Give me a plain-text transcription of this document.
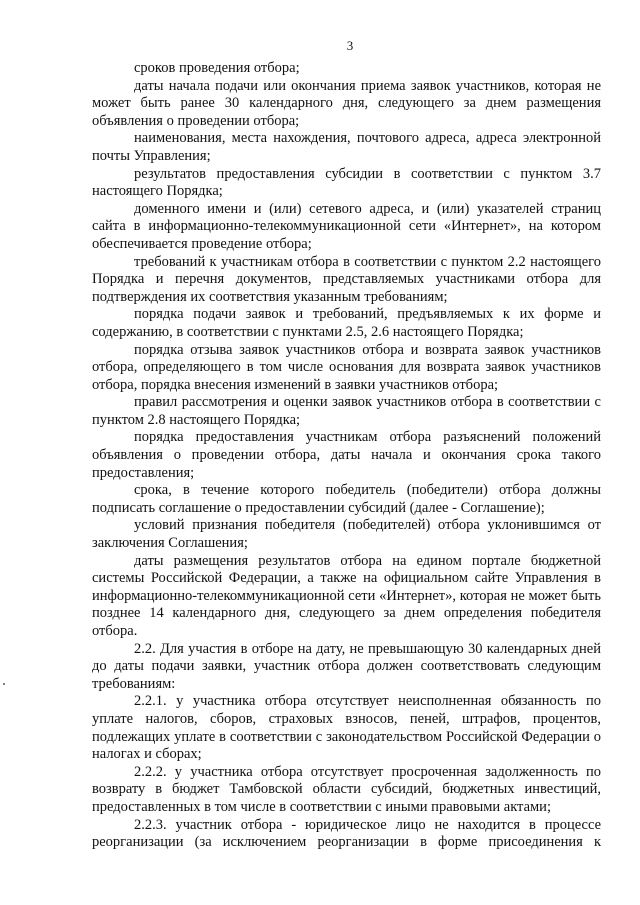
3

сроков проведения отбора;

даты начала подачи или окончания приема заявок участников, которая не может быть ранее 30 календарного дня, следующего за днем размещения объявления о проведении отбора;

наименования, места нахождения, почтового адреса, адреса электронной почты Управления;

результатов предоставления субсидии в соответствии с пунктом 3.7 настоящего Порядка;

доменного имени и (или) сетевого адреса, и (или) указателей страниц сайта в информационно-телекоммуникационной сети «Интернет», на котором обеспечивается проведение отбора;

требований к участникам отбора в соответствии с пунктом 2.2 настоящего Порядка и перечня документов, представляемых участниками отбора для подтверждения их соответствия указанным требованиям;

порядка подачи заявок и требований, предъявляемых к их форме и содержанию, в соответствии с пунктами 2.5, 2.6 настоящего Порядка;

порядка отзыва заявок участников отбора и возврата заявок участников отбора, определяющего в том числе основания для возврата заявок участников отбора, порядка внесения изменений в заявки участников отбора;

правил рассмотрения и оценки заявок участников отбора в соответствии с пунктом 2.8 настоящего Порядка;

порядка предоставления участникам отбора разъяснений положений объявления о проведении отбора, даты начала и окончания срока такого предоставления;

срока, в течение которого победитель (победители) отбора должны подписать соглашение о предоставлении субсидий (далее - Соглашение);

условий признания победителя (победителей) отбора уклонившимся от заключения Соглашения;

даты размещения результатов отбора на едином портале бюджетной системы Российской Федерации, а также на официальном сайте Управления в информационно-телекоммуникационной сети «Интернет», которая не может быть позднее 14 календарного дня, следующего за днем определения победителя отбора.

2.2. Для участия в отборе на дату, не превышающую 30 календарных дней до даты подачи заявки, участник отбора должен соответствовать следующим требованиям:

2.2.1. у участника отбора отсутствует неисполненная обязанность по уплате налогов, сборов, страховых взносов, пеней, штрафов, процентов, подлежащих уплате в соответствии с законодательством Российской Федерации о налогах и сборах;

2.2.2. у участника отбора отсутствует просроченная задолженность по возврату в бюджет Тамбовской области субсидий, бюджетных инвестиций, предоставленных в том числе в соответствии с иными правовыми актами;

2.2.3. участник отбора - юридическое лицо не находится в процессе реорганизации (за исключением реорганизации в форме присоединения к
